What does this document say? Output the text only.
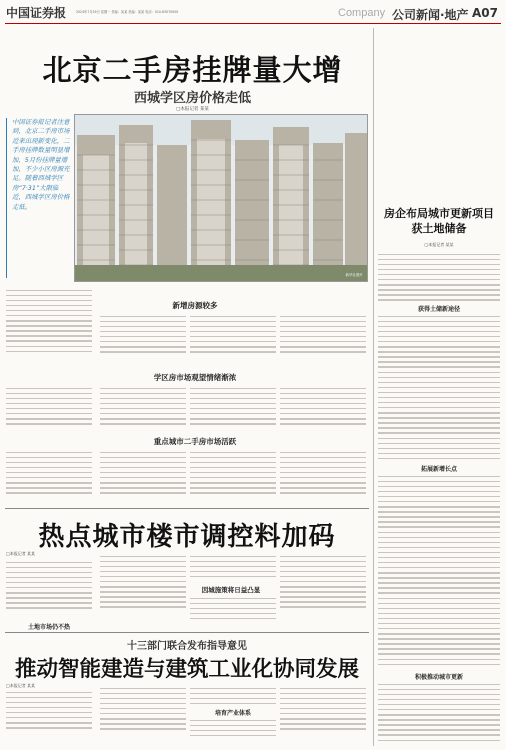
中国证券报	2024年7月29日 星期一 责编：某某 美编：某某 电话：010-63070000	Company 公司新闻·地产 A07
北京二手房挂牌量大增
西城学区房价格走低
□本报记者 某某
新华社图片
中国证券报记者注意到，北京二手房市场近来出现新变化，二手房挂牌数量明显增加，5月份挂牌量增加，不少小区房源充足。随着西城学区房“7·31”大限临近，西城学区房价格走低。
新增房源较多
学区房市场观望情绪渐浓
重点城市二手房市场活跃
热点城市楼市调控料加码
□本报记者 某某
因城施策将日益凸显
土地市场仍不热
十三部门联合发布指导意见
推动智能建造与建筑工业化协同发展
□本报记者 某某
培育产业体系
房企布局城市更新项目 获土地储备
□本报记者 某某
获得土储新途径
拓展新增长点
积极推动城市更新
